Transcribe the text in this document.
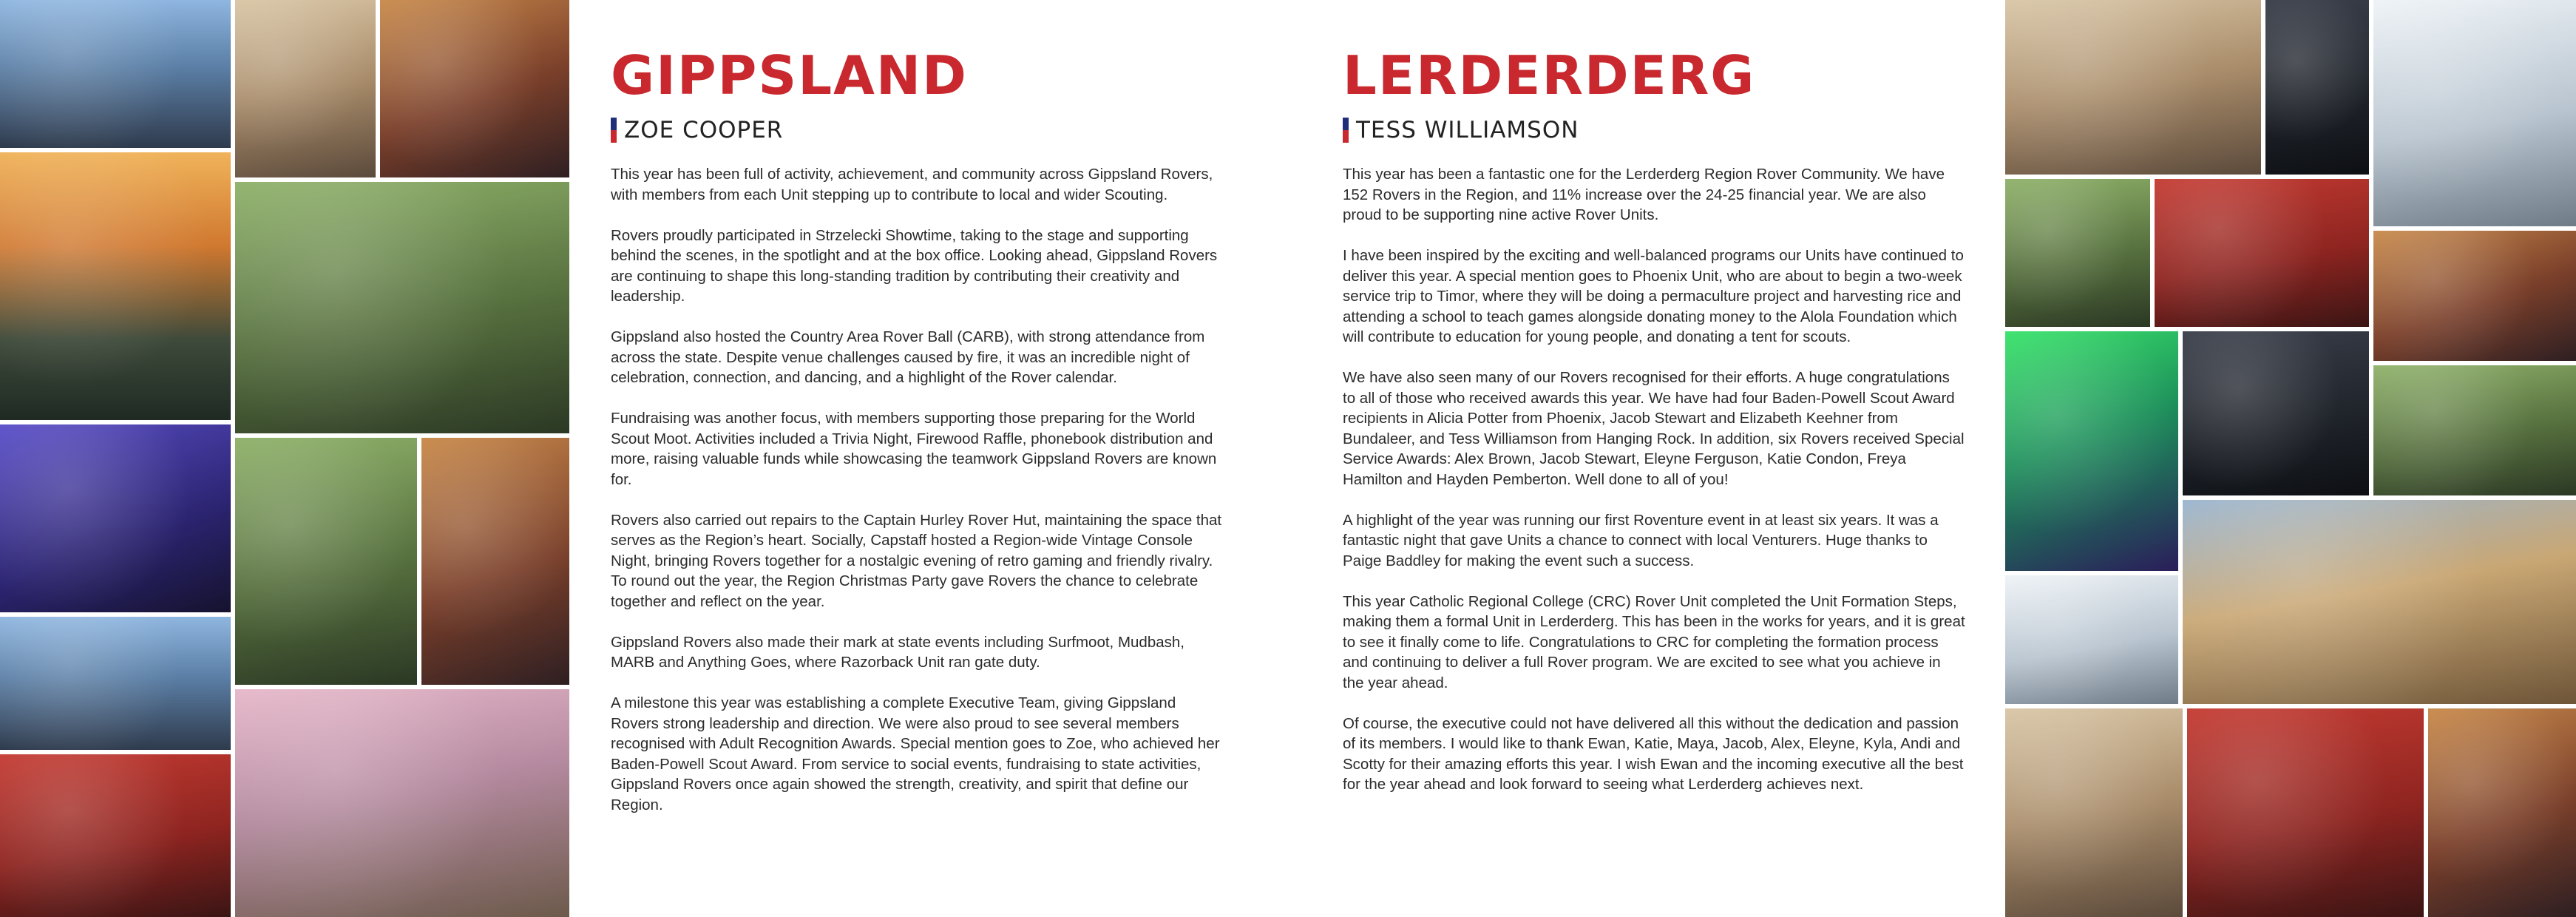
GIPPSLAND
ZOE COOPER

This year has been full of activity, achievement, and community across Gippsland Rovers, with members from each Unit stepping up to contribute to local and wider Scouting.

Rovers proudly participated in Strzelecki Showtime, taking to the stage and supporting behind the scenes, in the spotlight and at the box office. Looking ahead, Gippsland Rovers are continuing to shape this long-standing tradition by contributing their creativity and leadership.

Gippsland also hosted the Country Area Rover Ball (CARB), with strong attendance from across the state. Despite venue challenges caused by fire, it was an incredible night of celebration, connection, and dancing, and a highlight of the Rover calendar.

Fundraising was another focus, with members supporting those preparing for the World Scout Moot. Activities included a Trivia Night, Firewood Raffle, phonebook distribution and more, raising valuable funds while showcasing the teamwork Gippsland Rovers are known for.

Rovers also carried out repairs to the Captain Hurley Rover Hut, maintaining the space that serves as the Region’s heart. Socially, Capstaff hosted a Region-wide Vintage Console Night, bringing Rovers together for a nostalgic evening of retro gaming and friendly rivalry. To round out the year, the Region Christmas Party gave Rovers the chance to celebrate together and reflect on the year.

Gippsland Rovers also made their mark at state events including Surfmoot, Mudbash, MARB and Anything Goes, where Razorback Unit ran gate duty.

A milestone this year was establishing a complete Executive Team, giving Gippsland Rovers strong leadership and direction. We were also proud to see several members recognised with Adult Recognition Awards. Special mention goes to Zoe, who achieved her Baden-Powell Scout Award. From service to social events, fundraising to state activities, Gippsland Rovers once again showed the strength, creativity, and spirit that define our Region.

LERDERDERG
TESS WILLIAMSON

This year has been a fantastic one for the Lerderderg Region Rover Community. We have 152 Rovers in the Region, and 11% increase over the 24-25 financial year. We are also proud to be supporting nine active Rover Units.

I have been inspired by the exciting and well-balanced programs our Units have continued to deliver this year. A special mention goes to Phoenix Unit, who are about to begin a two-week service trip to Timor, where they will be doing a permaculture project and harvesting rice and attending a school to teach games alongside donating money to the Alola Foundation which will contribute to education for young people, and donating a tent for scouts.

We have also seen many of our Rovers recognised for their efforts. A huge congratulations to all of those who received awards this year. We have had four Baden-Powell Scout Award recipients in Alicia Potter from Phoenix, Jacob Stewart and Elizabeth Keehner from Bundaleer, and Tess Williamson from Hanging Rock. In addition, six Rovers received Special Service Awards: Alex Brown, Jacob Stewart, Eleyne Ferguson, Katie Condon, Freya Hamilton and Hayden Pemberton. Well done to all of you!

A highlight of the year was running our first Roventure event in at least six years. It was a fantastic night that gave Units a chance to connect with local Venturers. Huge thanks to Paige Baddley for making the event such a success.

This year Catholic Regional College (CRC) Rover Unit completed the Unit Formation Steps, making them a formal Unit in Lerderderg. This has been in the works for years, and it is great to see it finally come to life. Congratulations to CRC for completing the formation process and continuing to deliver a full Rover program. We are excited to see what you achieve in the year ahead.

Of course, the executive could not have delivered all this without the dedication and passion of its members. I would like to thank Ewan, Katie, Maya, Jacob, Alex, Eleyne, Kyla, Andi and Scotty for their amazing efforts this year. I wish Ewan and the incoming executive all the best for the year ahead and look forward to seeing what Lerderderg achieves next.
